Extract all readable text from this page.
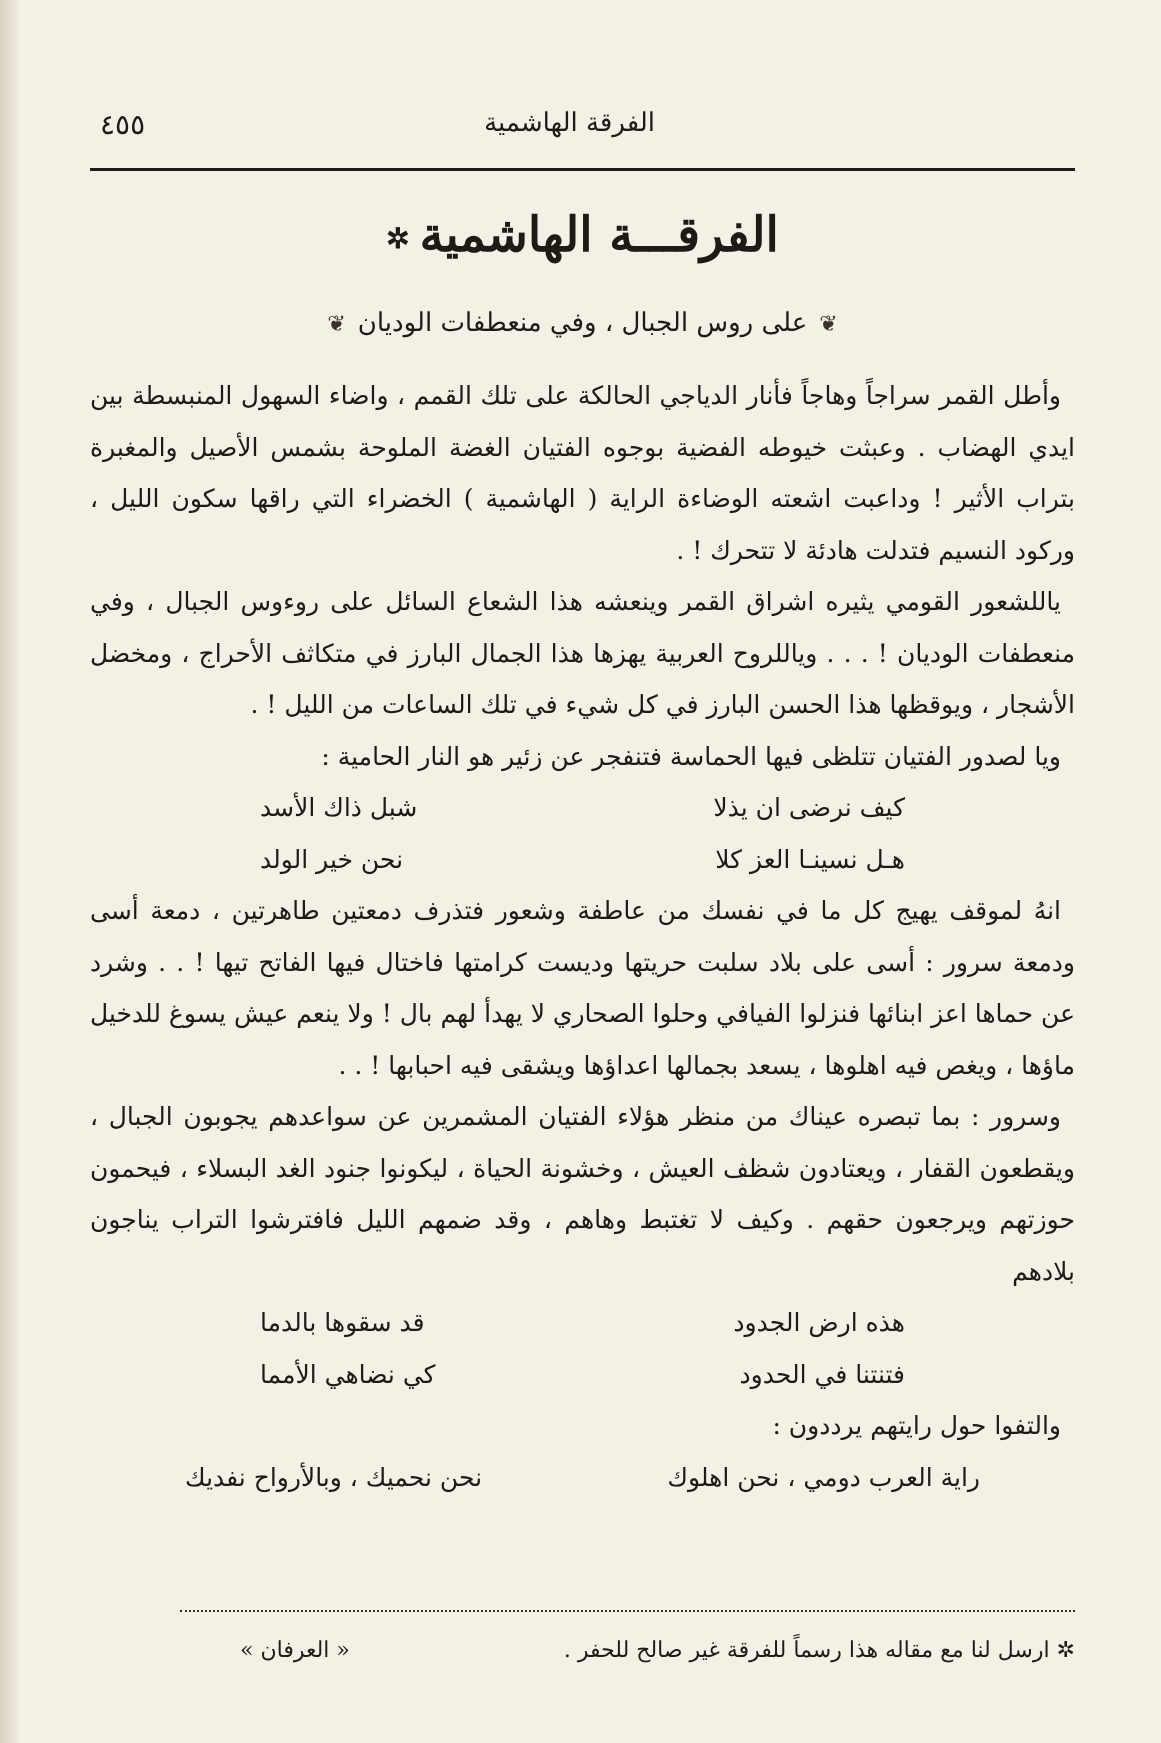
الفرقة الهاشمية
٤٥٥
الفرقـــة الهاشمية✲
❦على روس الجبال ، وفي منعطفات الوديان❦

وأطل القمر سراجاً وهاجاً فأنار الدياجي الحالكة على تلك القمم ، واضاء السهول المنبسطة بين ايدي الهضاب . وعبثت خيوطه الفضية بوجوه الفتيان الغضة الملوحة بشمس الأصيل والمغبرة بتراب الأثير ! وداعبت اشعته الوضاءة الراية ( الهاشمية ) الخضراء التي راقها سكون الليل ، وركود النسيم فتدلت هادئة لا تتحرك ! .

ياللشعور القومي يثيره اشراق القمر وينعشه هذا الشعاع السائل على روءوس الجبال ، وفي منعطفات الوديان ! . . . وياللروح العربية يهزها هذا الجمال البارز في متكاثف الأحراج ، ومخضل الأشجار ، ويوقظها هذا الحسن البارز في كل شيء في تلك الساعات من الليل ! .

ويا لصدور الفتيان تتلظى فيها الحماسة فتنفجر عن زئير هو النار الحامية :

كيف نرضى ان يذلا
شبل ذاك الأسد
هـل نسينـا العز كلا
نحن خير الولد

انهُ لموقف يهيج كل ما في نفسك من عاطفة وشعور فتذرف دمعتين طاهرتين ، دمعة أسى ودمعة سرور : أسى على بلاد سلبت حريتها وديست كرامتها فاختال فيها الفاتح تيها ! . . وشرد عن حماها اعز ابنائها فنزلوا الفيافي وحلوا الصحاري لا يهدأ لهم بال ! ولا ينعم عيش يسوغ للدخيل ماؤها ، ويغص فيه اهلوها ، يسعد بجمالها اعداؤها ويشقى فيه احبابها ! . .

وسرور : بما تبصره عيناك من منظر هؤلاء الفتيان المشمرين عن سواعدهم يجوبون الجبال ، ويقطعون القفار ، ويعتادون شظف العيش ، وخشونة الحياة ، ليكونوا جنود الغد البسلاء ، فيحمون حوزتهم ويرجعون حقهم . وكيف لا تغتبط وهاهم ، وقد ضمهم الليل فافترشوا التراب يناجون بلادهم

هذه ارض الجدود
قد سقوها بالدما
فتنتنا في الحدود
كي نضاهي الأمما

والتفوا حول رايتهم يرددون :

راية العرب دومي ، نحن اهلوك
نحن نحميك ، وبالأرواح نفديك
✲ ارسل لنا مع مقاله هذا رسماً للفرقة غير صالح للحفر .
« العرفان »
